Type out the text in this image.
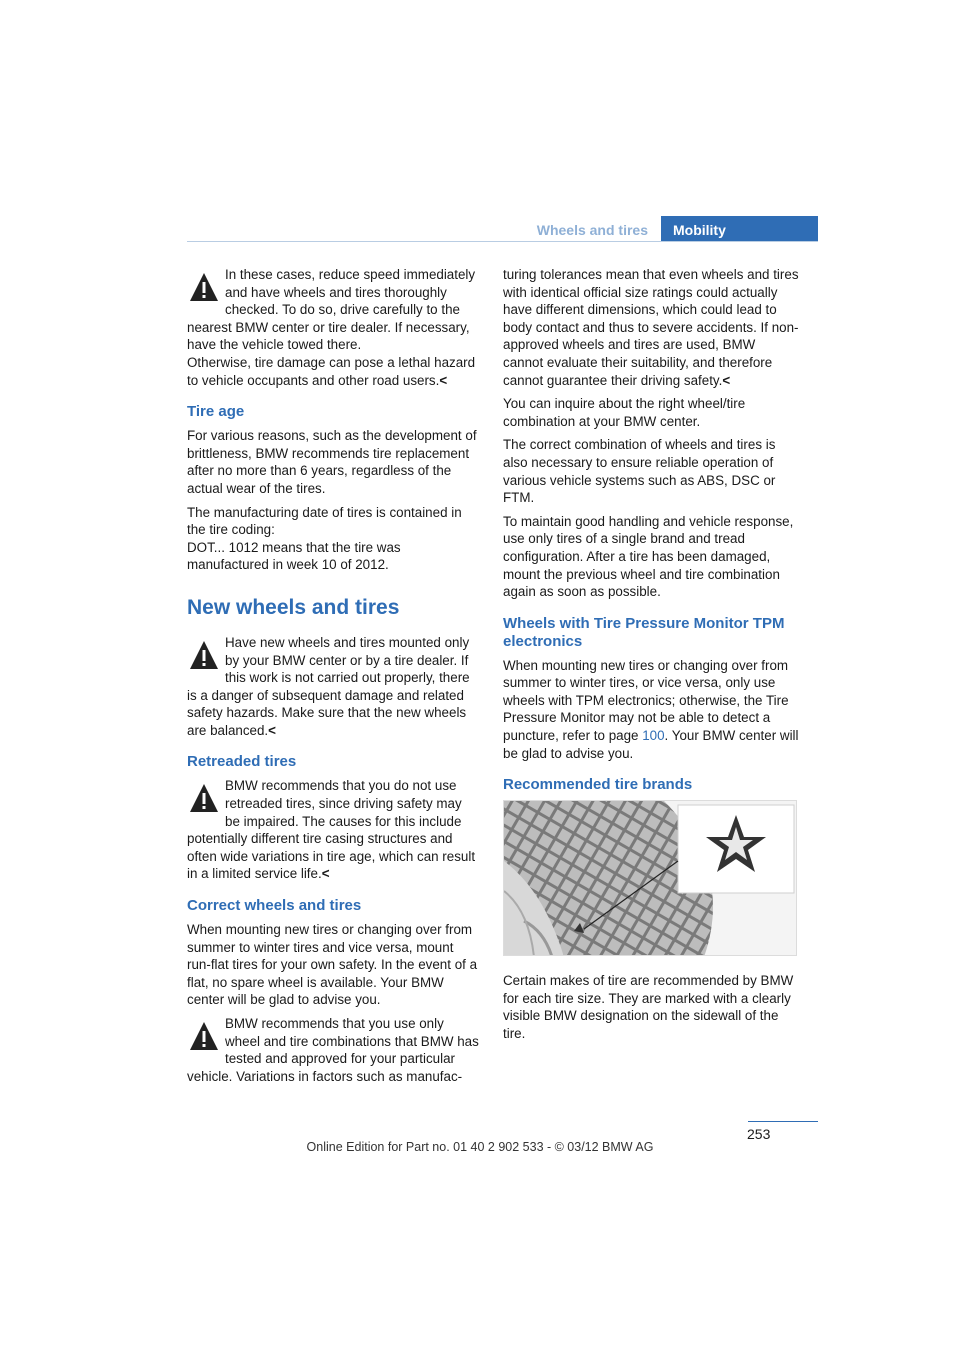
Wheels and tires	Mobility

In these cases, reduce speed immediately and have wheels and tires thoroughly checked. To do so, drive carefully to the nearest BMW center or tire dealer. If necessary, have the vehicle towed there.
Otherwise, tire damage can pose a lethal hazard to vehicle occupants and other road users.<

Tire age

For various reasons, such as the development of brittleness, BMW recommends tire replacement after no more than 6 years, regardless of the actual wear of the tires.

The manufacturing date of tires is contained in the tire coding:
DOT... 1012 means that the tire was manufactured in week 10 of 2012.

New wheels and tires

Have new wheels and tires mounted only by your BMW center or by a tire dealer. If this work is not carried out properly, there is a danger of subsequent damage and related safety hazards. Make sure that the new wheels are balanced.<

Retreaded tires

BMW recommends that you do not use retreaded tires, since driving safety may be impaired. The causes for this include potentially different tire casing structures and often wide variations in tire age, which can result in a limited service life.<

Correct wheels and tires

When mounting new tires or changing over from summer to winter tires and vice versa, mount run-flat tires for your own safety. In the event of a flat, no spare wheel is available. Your BMW center will be glad to advise you.

BMW recommends that you use only wheel and tire combinations that BMW has tested and approved for your particular vehicle. Variations in factors such as manufac-

turing tolerances mean that even wheels and tires with identical official size ratings could actually have different dimensions, which could lead to body contact and thus to severe accidents. If non-approved wheels and tires are used, BMW cannot evaluate their suitability, and therefore cannot guarantee their driving safety.<

You can inquire about the right wheel/tire combination at your BMW center.

The correct combination of wheels and tires is also necessary to ensure reliable operation of various vehicle systems such as ABS, DSC or FTM.

To maintain good handling and vehicle response, use only tires of a single brand and tread configuration. After a tire has been damaged, mount the previous wheel and tire combination again as soon as possible.

Wheels with Tire Pressure Monitor TPM electronics

When mounting new tires or changing over from summer to winter tires, or vice versa, only use wheels with TPM electronics; otherwise, the Tire Pressure Monitor may not be able to detect a puncture, refer to page 100. Your BMW center will be glad to advise you.

Recommended tire brands

Certain makes of tire are recommended by BMW for each tire size. They are marked with a clearly visible BMW designation on the sidewall of the tire.

253
Online Edition for Part no. 01 40 2 902 533 - © 03/12 BMW AG
